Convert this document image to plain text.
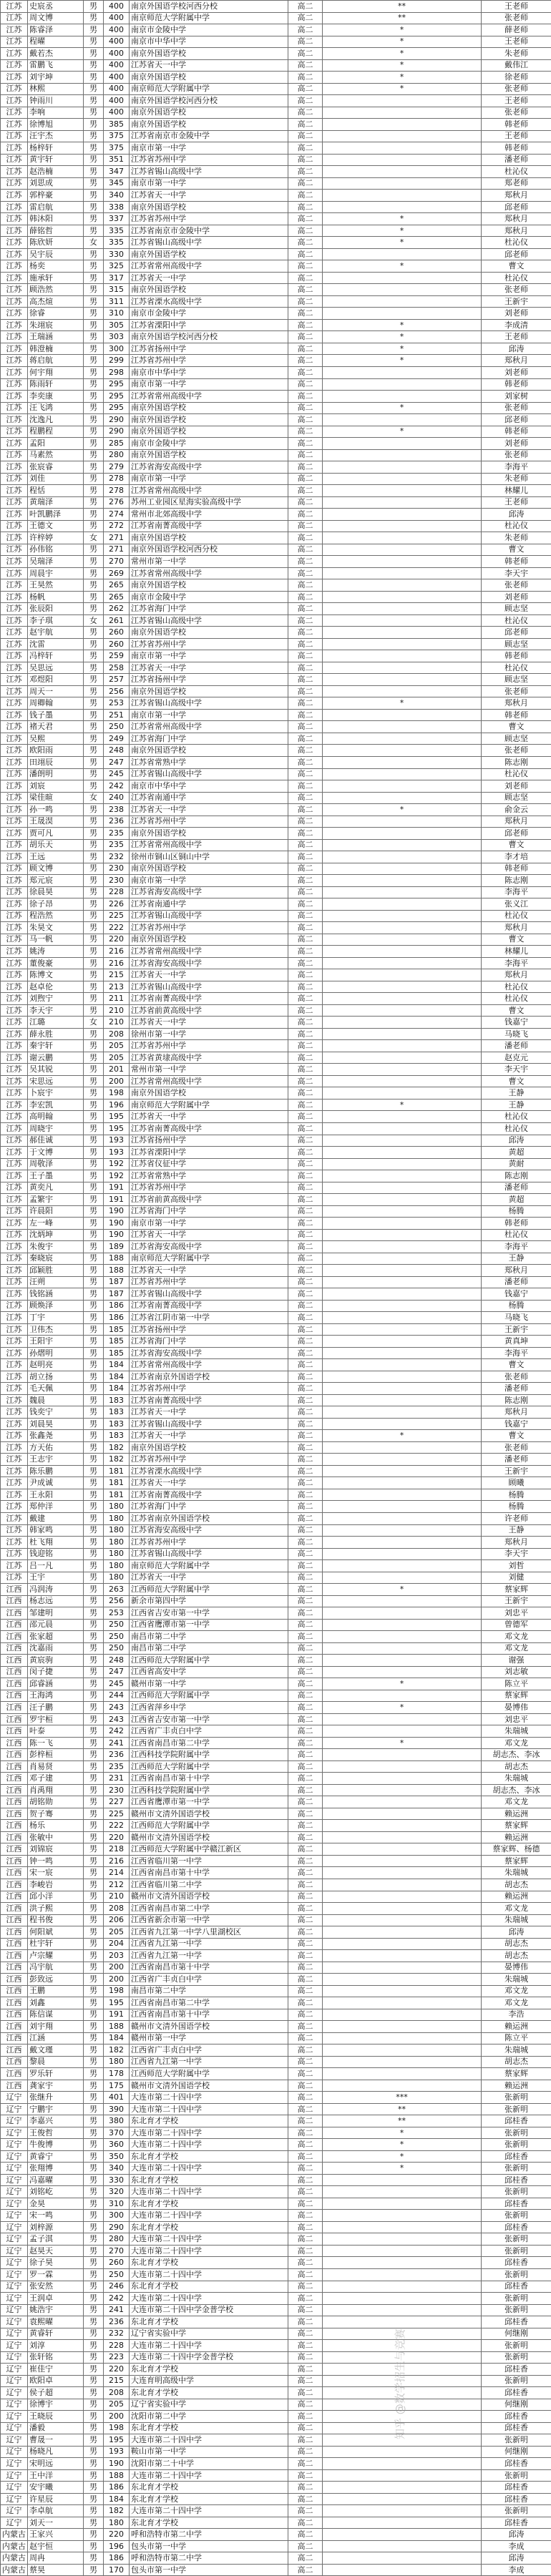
江苏	史宸丞	男	400	南京外国语学校河西分校	高二	**	王老师
江苏	周文博	男	400	南京师范大学附属中学	高二	**	张老师
江苏	陈睿泽	男	400	南京市金陵中学	高二	*	薛老师
江苏	程曜	男	400	南京市中华中学	高二	*	王老师
江苏	戴若杰	男	400	南京外国语学校	高二	*	朱老师
江苏	雷鹏飞	男	400	江苏省天一中学	高二	*	戴伟江
江苏	刘宇坤	男	400	南京外国语学校	高二	*	徐老师
江苏	林熙	男	400	南京师范大学附属中学	高二	*	张老师
江苏	钟雨川	男	400	南京外国语学校河西分校	高二		王老师
江苏	李响	男	400	南京外国语学校	高二		张老师
江苏	徐博旭	男	385	南京外国语学校	高二		韩老师
江苏	汪宇杰	男	375	江苏省南京市金陵中学	高二		王老师
江苏	杨梓轩	男	375	南京市第一中学	高二		韩老师
江苏	黄宇轩	男	351	江苏省苏州中学	高二		潘老师
江苏	赵浩楠	男	347	江苏省锡山高级中学	高二		杜沁仪
江苏	刘思成	男	345	南京市第一中学	高二		郑老师
江苏	郭梓豪	男	340	江苏省天一中学	高二		郑秋月
江苏	雷启航	男	338	南京外国语学校	高二		邱老师
江苏	韩沐阳	男	337	江苏省苏州中学	高二	*	郑秋月
江苏	薛铭哲	男	335	江苏省南京市金陵中学	高二	*	郑秋月
江苏	陈欣妍	女	335	江苏省锡山高级中学	高二	*	杜沁仪
江苏	吴宇辰	男	330	南京外国语学校	高二		邱老师
江苏	杨奕	男	325	江苏省常州高级中学	高二	*	曹文
江苏	施承轩	男	317	江苏省天一中学	高二		杜沁仪
江苏	顾浩然	男	315	南京外国语学校	高二		张老师
江苏	高杰煊	男	311	江苏省溧水高级中学	高二		王新宇
江苏	徐睿	男	310	南京市金陵中学	高二		刘老师
江苏	朱翊宸	男	305	江苏省溧阳中学	高二	*	李成清
江苏	王瑞涵	男	303	南京外国语学校河西分校	高二	*	王老师
江苏	韩澄楠	男	300	江苏省扬州中学	高二	*	邱涛
江苏	蒋启航	男	299	江苏省苏州中学	高二	*	郑秋月
江苏	何宇翔	男	298	南京市中华中学	高二		刘老师
江苏	陈雨轩	男	295	南京市第一中学	高二		韩老师
江苏	李奕康	男	295	江苏省常州高级中学	高二		刘家树
江苏	汪飞鸿	男	295	南京外国语学校	高二	*	张老师
江苏	沈逸凡	男	290	南京外国语学校	高二		邱老师
江苏	程鹏程	男	290	南京外国语学校	高二	*	韩老师
江苏	孟阳	男	285	南京市金陵中学	高二		刘老师
江苏	马素然	男	280	南京外国语学校	高二		张老师
江苏	张宸睿	男	279	江苏省海安高级中学	高二		李海平
江苏	刘佳	男	278	南京市第一中学	高二		朱老师
江苏	程恬	男	278	江苏省常州高级中学	高二		林耀儿
江苏	黄瑞泽	男	276	苏州工业园区星海实验高级中学	高二		王老师
江苏	叶凯鹏泽	男	274	常州市北郊高级中学	高二		邱涛
江苏	王德文	男	272	江苏省南菁高级中学	高二		杜沁仪
江苏	许梓婷	女	271	南京外国语学校	高二		朱老师
江苏	孙伟铭	男	271	南京外国语学校河西分校	高二		曹文
江苏	吴瑞泽	男	270	常州市第一中学	高二		韩老师
江苏	周晨宇	男	269	江苏省常州高级中学	高二		李天宇
江苏	王昊然	男	265	南京外国语学校	高二		张老师
江苏	杨帆	男	265	南京市金陵中学	高二		刘老师
江苏	张辰阳	男	262	江苏省海门中学	高二		顾志坚
江苏	李子琪	女	261	江苏省锡山高级中学	高二		杜沁仪
江苏	赵宇航	男	260	南京外国语学校	高二		邱老师
江苏	沈雷	男	260	江苏省苏州中学	高二		顾志坚
江苏	冯梓轩	男	259	南京市第一中学	高二		韩老师
江苏	吴思远	男	258	江苏省天一中学	高二		杜沁仪
江苏	邓煜阳	男	257	江苏省扬州中学	高二		顾志坚
江苏	周天一	男	256	南京外国语学校	高二		张老师
江苏	周卿翰	男	253	江苏省锡山高级中学	高二	*	郑秋月
江苏	钱子墨	男	251	南京市第一中学	高二		韩老师
江苏	褚天君	男	250	江苏省常州高级中学	高二		曹文
江苏	吴熙	男	249	江苏省海门中学	高二		顾志坚
江苏	欧阳雨	男	248	南京外国语学校	高二		张老师
江苏	田翊辰	男	247	江苏省常熟中学	高二		陈志刚
江苏	潘朗明	男	245	江苏省锡山高级中学	高二		杜沁仪
江苏	刘宸	男	242	南京市中华中学	高二		刘老师
江苏	梁佳暄	女	240	江苏省南通中学	高二		顾志坚
江苏	孙一鸣	男	238	江苏省天一中学	高二	*	俞金云
江苏	王晟淏	男	236	江苏省苏州中学	高二		郑秋月
江苏	贾可凡	男	235	南京外国语学校	高二		邱老师
江苏	胡乐天	男	235	江苏省常州高级中学	高二		曹文
江苏	王远	男	232	徐州市铜山区铜山中学	高二		李才培
江苏	顾文博	男	230	南京外国语学校	高二		韩老师
江苏	郑元宸	男	230	南京市第一中学	高二		陈志刚
江苏	徐晨昊	男	228	江苏省海安高级中学	高二		李海平
江苏	徐子昂	男	226	江苏省南通中学	高二		张义江
江苏	程浩然	男	225	江苏省锡山高级中学	高二		杜沁仪
江苏	朱昊文	男	222	江苏省苏州中学	高二		郑秋月
江苏	马一帆	男	220	南京外国语学校	高二		曹文
江苏	姚涛	男	216	江苏省常州高级中学	高二		林耀儿
江苏	董俊豪	男	216	江苏省海安高级中学	高二		李海平
江苏	陈博文	男	215	江苏省天一中学	高二		郑秋月
江苏	赵卓伦	男	213	江苏省锡山高级中学	高二		杜沁仪
江苏	刘煦宁	男	211	江苏省南菁高级中学	高二		杜沁仪
江苏	李天宇	男	210	江苏省前黄高级中学	高二		曹文
江苏	江璐	女	210	江苏省天一中学	高二		钱嘉宁
江苏	薛永胜	男	208	徐州市第一中学	高二		马晓飞
江苏	秦宇轩	男	205	江苏省苏州中学	高二		潘老师
江苏	谢云鹏	男	205	江苏省黄埭高级中学	高二		赵克元
江苏	吴其锐	男	201	常州市第一中学	高二		李天宇
江苏	宋思远	男	200	江苏省常州高级中学	高二		曹文
江苏	卜宸宇	男	198	南京外国语学校	高二		王静
江苏	李宏凯	男	196	南京师范大学附属中学	高二	*	王静
江苏	高明翰	男	195	江苏省天一中学	高二		杜沁仪
江苏	周晓宇	男	195	江苏省南菁高级中学	高二		杜沁仪
江苏	郝佳诚	男	193	江苏省扬州中学	高二		邱涛
江苏	于文博	男	193	江苏省溧阳中学	高二		黄超
江苏	周敬泽	男	192	江苏省仪征中学	高二		黄耐
江苏	王子墨	男	192	江苏省常熟中学	高二		陈志刚
江苏	黄奕凡	男	191	江苏省苏州中学	高二		潘老师
江苏	孟繁宇	男	191	江苏省前黄高级中学	高二		黄超
江苏	许晨阳	男	190	江苏省海门中学	高二		杨腾
江苏	左一峰	男	190	南京市第一中学	高二		韩老师
江苏	沈炳坤	男	190	江苏省天一中学	高二		杜沁仪
江苏	朱俊宇	男	189	江苏省海安高级中学	高二		李海平
江苏	秦晓宸	男	188	南京师范大学附属中学	高二		王静
江苏	邱颖胜	男	188	江苏省天一中学	高二		郑秋月
江苏	汪朔	男	187	江苏省苏州中学	高二		潘老师
江苏	钱铭涵	男	187	江苏省锡山高级中学	高二		钱嘉宁
江苏	顾焕泽	男	186	江苏省南菁高级中学	高二		杨腾
江苏	丁宇	男	186	江苏省江阴市第一中学	高二		马晓飞
江苏	卫伟杰	男	185	江苏省扬州中学	高二		王新宇
江苏	王阳宇	男	185	江苏省海门中学	高二		黄真坤
江苏	孙熠明	男	185	江苏省海安高级中学	高二		李海平
江苏	赵明亮	男	184	江苏省常州高级中学	高二		曹文
江苏	胡立扬	男	184	江苏省南京外国语学校	高二		张老师
江苏	毛天佩	男	184	江苏省苏州中学	高二		潘老师
江苏	魏晨	男	183	江苏省南菁高级中学	高二		陈志刚
江苏	钱奕宁	男	183	江苏省天一中学	高二		郑秋月
江苏	刘晨昊	男	183	江苏省锡山高级中学	高二		钱嘉宁
江苏	张鑫尧	男	183	江苏省天一中学	高二	*	曹文
江苏	方天佑	男	182	南京外国语学校	高二		张老师
江苏	王志宇	男	182	江苏省苏州中学	高二		潘老师
江苏	陈乐鹏	男	181	江苏省溧水高级中学	高二		王新宇
江苏	尹成诚	男	181	江苏省天一中学	高二		顾曦
江苏	王永阳	男	181	江苏省南菁高级中学	高二		杨腾
江苏	郑仲洋	男	180	江苏省海门中学	高二		杨腾
江苏	戴建	男	180	江苏省南京外国语学校	高二		许老师
江苏	韩家鸣	男	180	江苏省海安高级中学	高二		王静
江苏	杜飞翔	男	180	江苏省苏州中学	高二		郑秋月
江苏	钱迎铭	男	180	江苏省锡山高级中学	高二		李天宇
江苏	吕一凡	男	180	南京师范大学附属中学	高二		刘哲
江苏	王宇	男	180	江苏省天一中学	高二		刘健
江西	冯润涛	男	263	江西师范大学附属中学	高二	*	蔡家辉
江西	杨志远	男	256	新余市第四中学	高二		王新宇
江西	邹建明	男	253	江西省吉安市第一中学	高二		刘忠平
江西	邵元晨	男	250	江西省鹰潭市第一中学	高二		曾德军
江西	张家超	男	250	南昌市第二中学	高二		邓文龙
江西	沈嘉雨	男	250	南昌市第二中学	高二		邓文龙
江西	黄宸驹	男	248	江西师范大学附属中学	高二		谢强
江西	闵子捷	男	247	江西省高安中学	高二		刘志敏
江西	邱睿涵	男	245	赣州市第一中学	高二	*	陈立平
江西	王海鸿	男	244	江西师范大学附属中学	高二		蔡家辉
江西	汪子鹏	男	243	江西省萍乡中学	高二	*	晏博伟
江西	罗宇桓	男	243	江西省吉安市第一中学	高二		刘忠平
江西	叶泰	男	242	江西省广丰贞白中学	高二		朱瑞城
江西	陈一飞	男	241	江西省南昌市第二中学	高二	*	邓文龙
江西	彭梓桓	男	236	江西科技学院附属中学	高二		胡志杰、李冰
江西	肖易贤	男	235	江西师范大学附属中学	高二		胡志杰
江西	邓子建	男	231	江西省南昌市第十中学	高二		朱瑞城
江西	肖禹翔	男	230	江西科技学院附属中学	高二		胡志杰、李冰
江西	胡铭勋	男	227	江西省鹰潭市第一中学	高二		邓文龙
江西	贺子骞	男	225	赣州市文清外国语学校	高二		赖运洲
江西	杨乐	男	222	江西师范大学附属中学	高二		蔡家辉
江西	张敏中	男	220	赣州市文清外国语学校	高二		赖运洲
江西	刘锦宸	男	218	江西师范大学附属中学赣江新区	高二		蔡家辉、杨德
江西	钟一鸣	男	216	江西省临川第一中学	高二		蔡家辉
江西	宋一宸	男	214	江西省南昌市第十中学	高二		朱瑞城
江西	李峻岩	男	212	江西省临川第二中学	高二		胡志杰
江西	邱小洋	男	210	赣州市文清外国语学校	高二		赖运洲
江西	洪子熙	男	208	江西省南昌市第二中学	高二		邓文龙
江西	程书俊	男	206	江西省新余市第一中学	高二		朱瑞城
江西	何阳斌	男	205	江西省九江第一中学八里湖校区	高二		邱涛
江西	杜宇轩	男	204	江西省九江第一中学	高二		胡志杰
江西	卢宗耀	男	203	江西省九江第一中学	高二		胡志杰
江西	冯宇航	男	200	江西省南昌市第十中学	高二		晏博伟
江西	彭致远	男	200	江西省广丰贞白中学	高二		朱瑞城
江西	王鹏	男	198	南昌市第二中学	高二		邓文龙
江西	刘鑫	男	195	江西省南昌市第二中学	高二		邓文龙
江西	陈信谋	男	191	江西省南昌市第十中学	高二		李浩
江西	刘宇翔	男	188	赣州市文清外国语学校	高二		赖运洲
江西	江涵	男	184	赣州市第一中学	高二		陈立平
江西	戴文瑾	男	182	江西省广丰贞白中学	高二		朱瑞城
江西	黎晨	男	180	江西省九江第一中学	高二		胡志杰
江西	罗乐轩	男	178	江西师范大学附属中学	高二		蔡家辉
江西	龚家宇	男	175	赣州市文清外国语学校	高二		赖运洲
辽宁	张继升	男	401	大连市第二十四中学	高二	***	张新明
辽宁	宁鹏宇	男	390	大连市第二十四中学	高二	**	张新明
辽宁	李嘉兴	男	380	东北育才学校	高二	**	邱桂香
辽宁	王俊哲	男	370	大连市第二十四中学	高二	*	张新明
辽宁	牛俊博	男	360	大连市第二十四中学	高二	*	张新明
辽宁	黄睿宁	男	350	东北育才学校	高二	*	邱桂香
辽宁	张翔博	男	340	大连市第二十四中学	高二	*	张新明
辽宁	冯嘉曜	男	330	东北育才学校	高二		邱桂香
辽宁	刘铭屹	男	320	大连市第二十四中学	高二		张新明
辽宁	金昊	男	310	东北育才学校	高二		邱桂香
辽宁	宋一鸣	男	300	大连市第二十四中学	高二		张新明
辽宁	刘梓源	男	290	东北育才学校	高二		邱桂香
辽宁	孟子淇	男	280	大连市第二十四中学	高二		张新明
辽宁	赵昊天	男	270	大连市第二十四中学	高二		张新明
辽宁	徐子昊	男	260	东北育才学校	高二		邱桂香
辽宁	罗一霖	男	250	大连市第二十四中学	高二		张新明
辽宁	张安然	男	246	东北育才学校	高二		邱桂香
辽宁	王润卓	男	242	大连市第二十四中学	高二		张新明
辽宁	姚浩宇	男	241	大连市第二十四中学金普学校	高二		张新明
辽宁	袁熙曜	男	236	东北育才学校	高二		邱桂香
辽宁	黄睿轩	男	232	辽宁省实验中学	高二		何继刚
辽宁	刘淳	男	228	大连市第二十四中学	高二		张新明
辽宁	张轩铭	男	223	大连市第二十四中学金普学校	高二		张新明
辽宁	崔佳宁	男	220	东北育才学校	高二		邱桂香
辽宁	欧阳卓	男	215	大连育明高级中学	高二		张新明
辽宁	侯子超	男	208	东北育才学校	高二		邱桂香
辽宁	徐博宇	男	205	辽宁省实验中学	高二		何继刚
辽宁	王晓辰	男	200	沈阳市第二中学	高二		邱桂香
辽宁	潘毅	男	198	东北育才学校	高二		邱桂香
辽宁	曹晟一	男	195	大连市第二十四中学	高二		张新明
辽宁	杨晓凡	男	193	鞍山市第一中学	高二		何继刚
辽宁	宋明远	男	190	沈阳市第二十中学	高二		邱桂香
辽宁	王中洋	男	188	大连市第二十四中学	高二		张新明
辽宁	安宇曦	男	186	东北育才学校	高二		邱桂香
辽宁	许星辰	男	184	东北育才学校	高二		邱桂香
辽宁	李卓航	男	182	大连市第二十四中学	高二		张新明
辽宁	刘天一	男	180	东北育才学校	高二		邱桂香
内蒙古	王家兴	男	220	呼和浩特市第二中学	高二		邱涛
内蒙古	赵宇恒	男	196	包头市第一中学	高二		李成
内蒙古	周冉	男	186	呼和浩特市第二中学	高二		邱涛
内蒙古	蔡昊	男	170	包头市第一中学	高二		李成
知乎 @数学招生与竞赛
